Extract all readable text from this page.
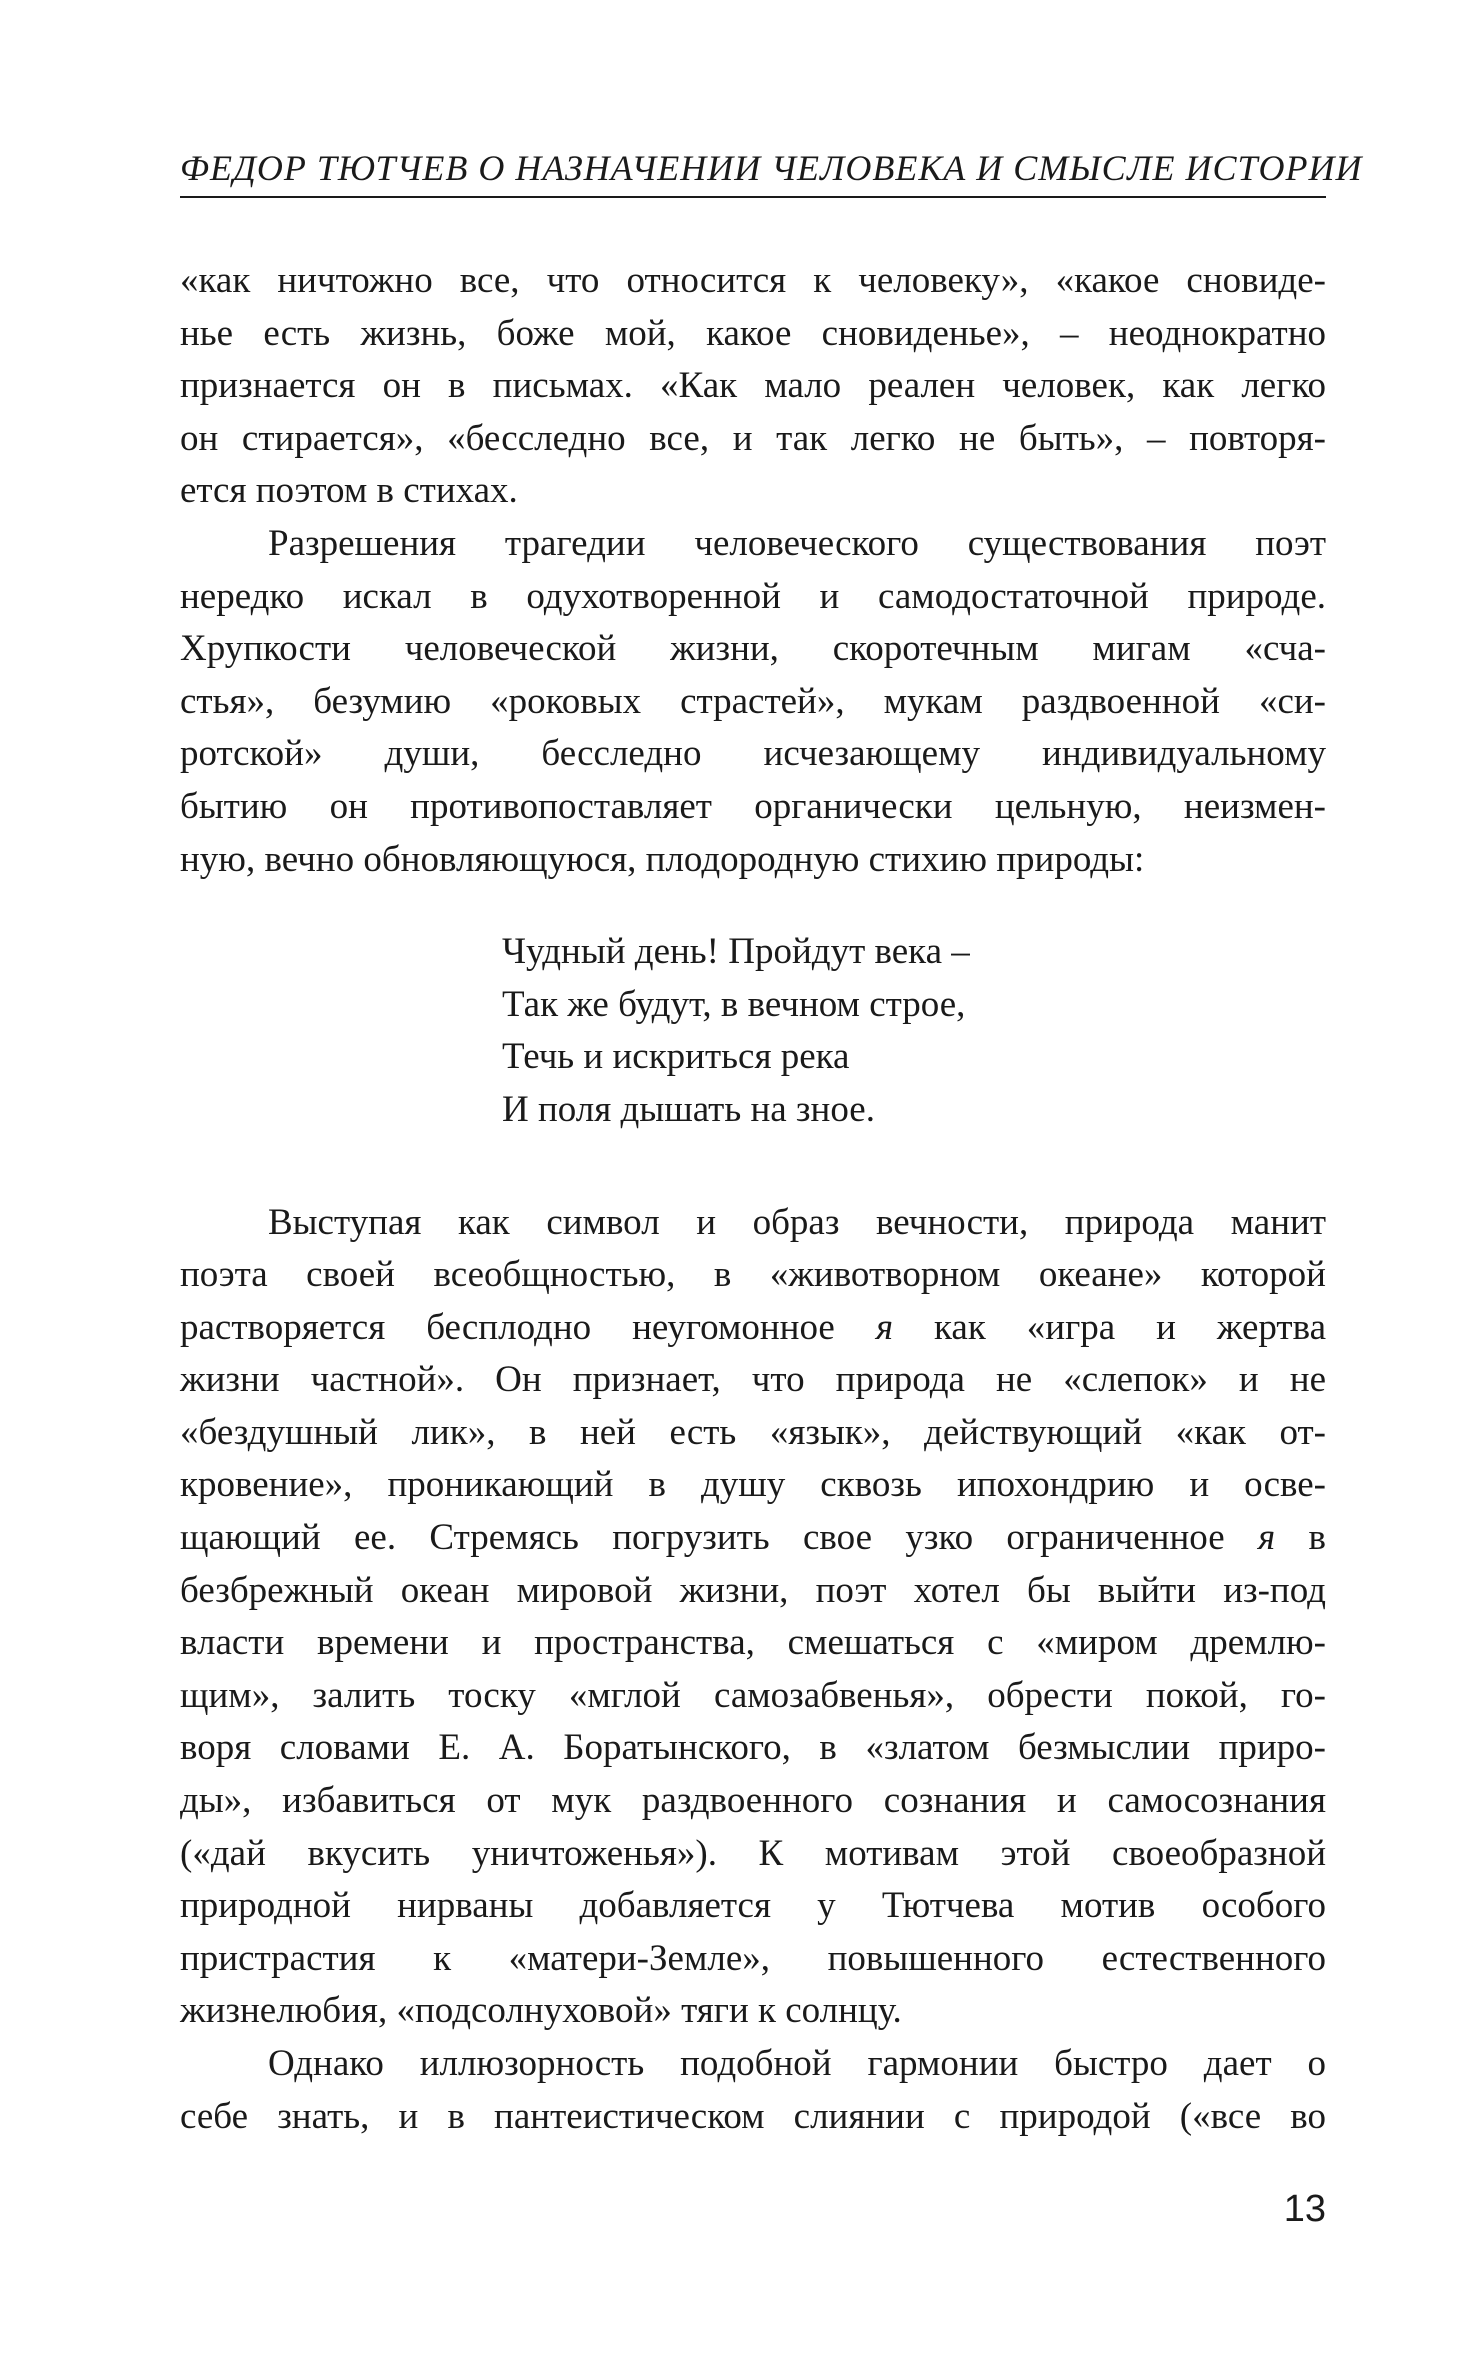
ФЕДОР ТЮТЧЕВ О НАЗНАЧЕНИИ ЧЕЛОВЕКА И СМЫСЛЕ ИСТОРИИ

«как ничтожно все, что относится к человеку», «какое сновиде-
нье есть жизнь, боже мой, какое сновиденье», – неоднократно
признается он в письмах. «Как мало реален человек, как легко
он стирается», «бесследно все, и так легко не быть», – повторя-
ется поэтом в стихах.

Разрешения трагедии человеческого существования поэт
нередко искал в одухотворенной и самодостаточной природе.
Хрупкости человеческой жизни, скоротечным мигам «сча-
стья», безумию «роковых страстей», мукам раздвоенной «си-
ротской» души, бесследно исчезающему индивидуальному
бытию он противопоставляет органически цельную, неизмен-
ную, вечно обновляющуюся, плодородную стихию природы:

Чудный день! Пройдут века –
Так же будут, в вечном строе,
Течь и искриться река
И поля дышать на зное.

Выступая как символ и образ вечности, природа манит
поэта своей всеобщностью, в «животворном океане» которой
растворяется бесплодно неугомонное я как «игра и жертва
жизни частной». Он признает, что природа не «слепок» и не
«бездушный лик», в ней есть «язык», действующий «как от-
кровение», проникающий в душу сквозь ипохондрию и осве-
щающий ее. Стремясь погрузить свое узко ограниченное я в
безбрежный океан мировой жизни, поэт хотел бы выйти из-под
власти времени и пространства, смешаться с «миром дремлю-
щим», залить тоску «мглой самозабвенья», обрести покой, го-
воря словами Е. А. Боратынского, в «златом безмыслии приро-
ды», избавиться от мук раздвоенного сознания и самосознания
(«дай вкусить уничтоженья»). К мотивам этой своеобразной
природной нирваны добавляется у Тютчева мотив особого
пристрастия к «матери-Земле», повышенного естественного
жизнелюбия, «подсолнуховой» тяги к солнцу.

Однако иллюзорность подобной гармонии быстро дает о
себе знать, и в пантеистическом слиянии с природой («все во

13
